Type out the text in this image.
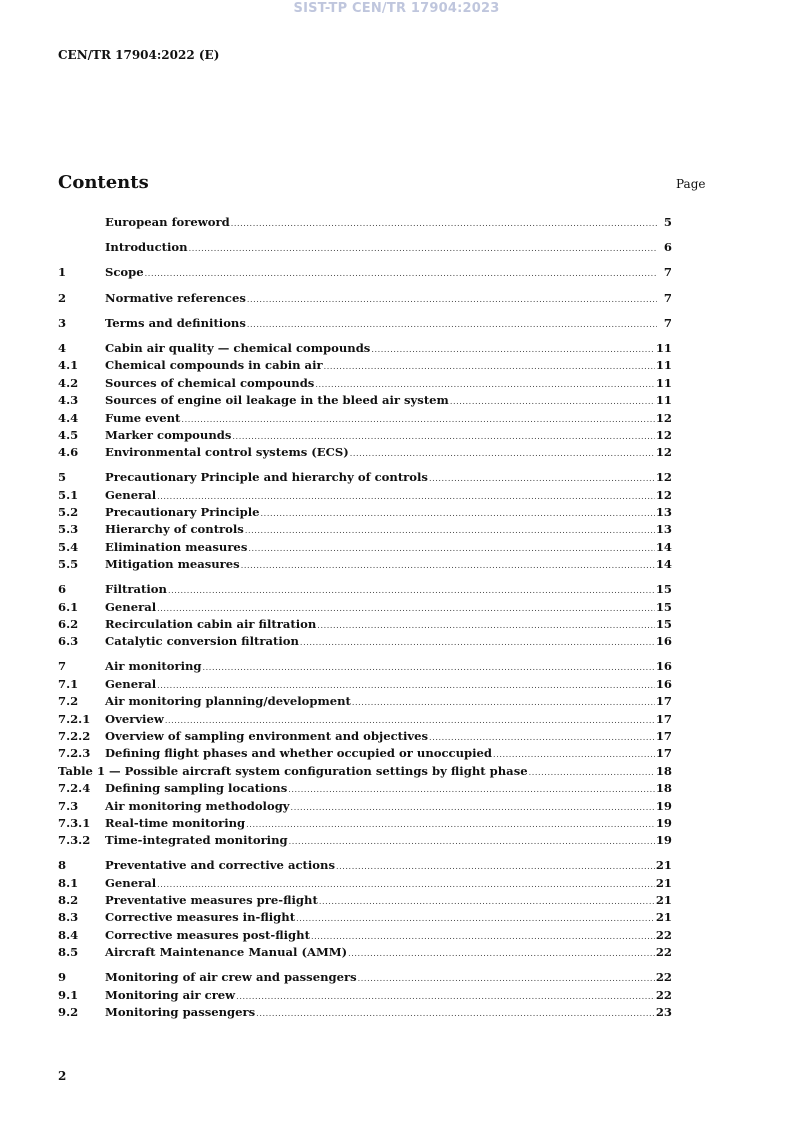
SIST-TP CEN/TR 17904:2023
CEN/TR 17904:2022 (E)
Contents	Page
European foreword .....	5
Introduction .....	6
1	Scope .....	7
2	Normative references .....	7
3	Terms and definitions .....	7
4	Cabin air quality — chemical compounds .....	11
4.1	Chemical compounds in cabin air .....	11
4.2	Sources of chemical compounds .....	11
4.3	Sources of engine oil leakage in the bleed air system .....	11
4.4	Fume event .....	12
4.5	Marker compounds .....	12
4.6	Environmental control systems (ECS) .....	12
5	Precautionary Principle and hierarchy of controls .....	12
5.1	General .....	12
5.2	Precautionary Principle .....	13
5.3	Hierarchy of controls .....	13
5.4	Elimination measures .....	14
5.5	Mitigation measures .....	14
6	Filtration .....	15
6.1	General .....	15
6.2	Recirculation cabin air filtration .....	15
6.3	Catalytic conversion filtration .....	16
7	Air monitoring .....	16
7.1	General .....	16
7.2	Air monitoring planning/development .....	17
7.2.1	Overview .....	17
7.2.2	Overview of sampling environment and objectives .....	17
7.2.3	Defining flight phases and whether occupied or unoccupied .....	17
Table 1 — Possible aircraft system configuration settings by flight phase .....	18
7.2.4	Defining sampling locations .....	18
7.3	Air monitoring methodology .....	19
7.3.1	Real-time monitoring .....	19
7.3.2	Time-integrated monitoring .....	19
8	Preventative and corrective actions .....	21
8.1	General .....	21
8.2	Preventative measures pre-flight .....	21
8.3	Corrective measures in-flight .....	21
8.4	Corrective measures post-flight .....	22
8.5	Aircraft Maintenance Manual (AMM) .....	22
9	Monitoring of air crew and passengers .....	22
9.1	Monitoring air crew .....	22
9.2	Monitoring passengers .....	23
2
